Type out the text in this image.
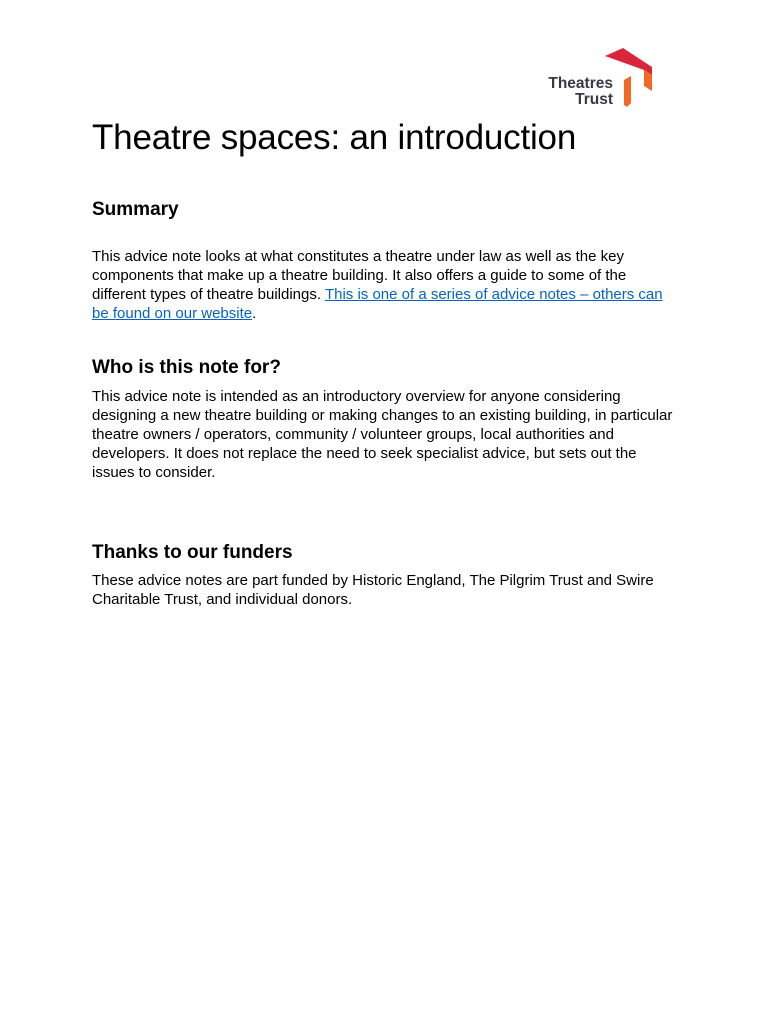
Theatres
Trust
Theatre spaces: an introduction
Summary

This advice note looks at what constitutes a theatre under law as well as the key components that make up a theatre building. It also offers a guide to some of the different types of theatre buildings. This is one of a series of advice notes – others can be found on our website.

Who is this note for?

This advice note is intended as an introductory overview for anyone considering designing a new theatre building or making changes to an existing building, in particular theatre owners / operators, community / volunteer groups, local authorities and developers. It does not replace the need to seek specialist advice, but sets out the issues to consider.

Thanks to our funders

These advice notes are part funded by Historic England, The Pilgrim Trust and Swire Charitable Trust, and individual donors.
